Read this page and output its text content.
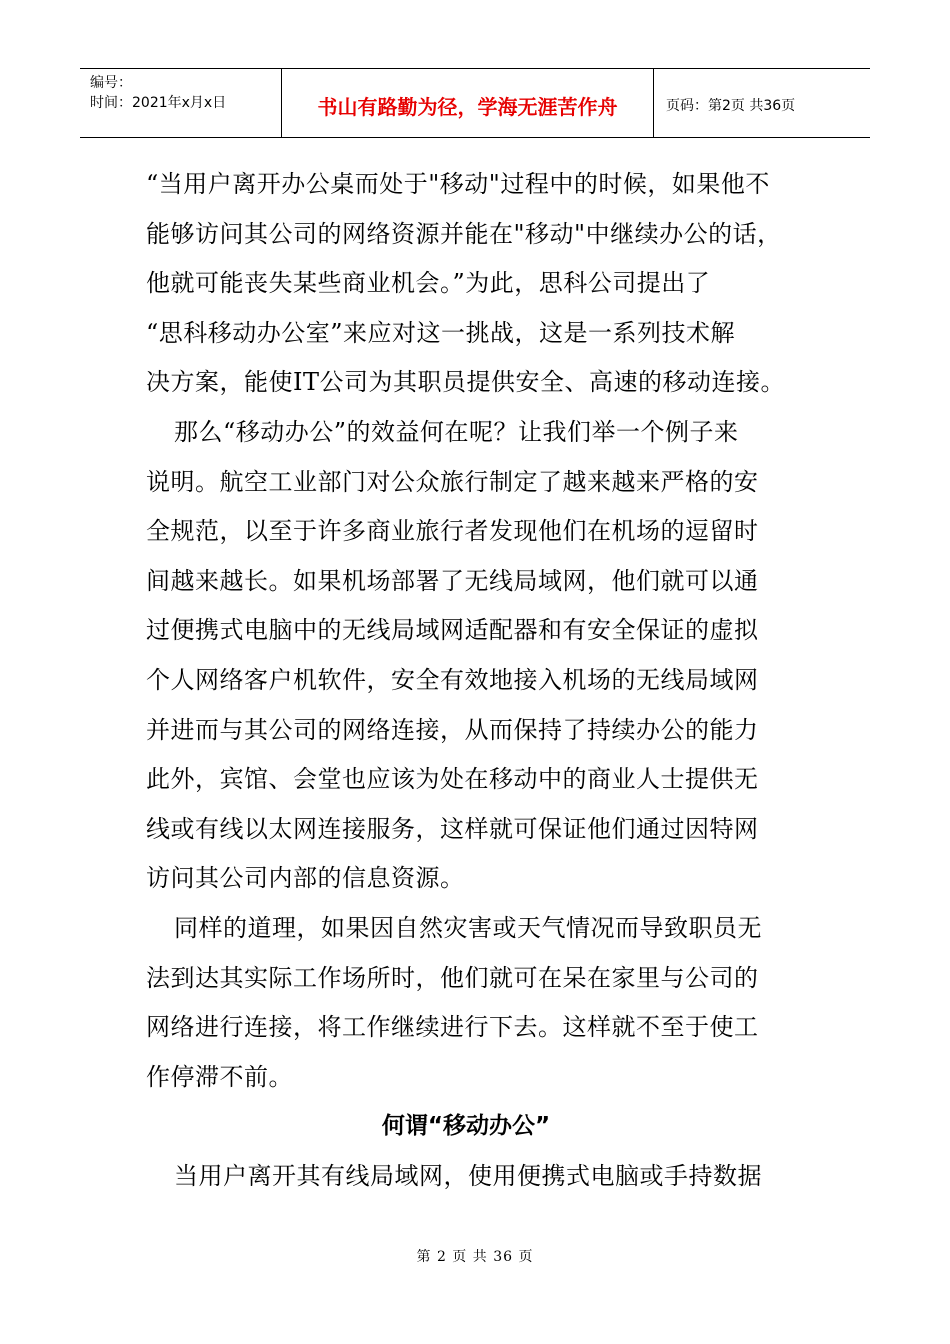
编号：
时间：2021年x月x日	书山有路勤为径，学海无涯苦作舟	页码：第2页 共36页
“当用户离开办公桌而处于"移动"过程中的时候，如果他不
能够访问其公司的网络资源并能在"移动"中继续办公的话，
他就可能丧失某些商业机会。”为此，思科公司提出了
“思科移动办公室”来应对这一挑战，这是一系列技术解
决方案，能使IT公司为其职员提供安全、高速的移动连接。
那么“移动办公”的效益何在呢？让我们举一个例子来
说明。航空工业部门对公众旅行制定了越来越来严格的安
全规范，以至于许多商业旅行者发现他们在机场的逗留时
间越来越长。如果机场部署了无线局域网，他们就可以通
过便携式电脑中的无线局域网适配器和有安全保证的虚拟
个人网络客户机软件，安全有效地接入机场的无线局域网
并进而与其公司的网络连接，从而保持了持续办公的能力
此外，宾馆、会堂也应该为处在移动中的商业人士提供无
线或有线以太网连接服务，这样就可保证他们通过因特网
访问其公司内部的信息资源。
同样的道理，如果因自然灾害或天气情况而导致职员无
法到达其实际工作场所时，他们就可在呆在家里与公司的
网络进行连接，将工作继续进行下去。这样就不至于使工
作停滞不前。
何谓“移动办公”
当用户离开其有线局域网，使用便携式电脑或手持数据
第 2 页 共 36 页
